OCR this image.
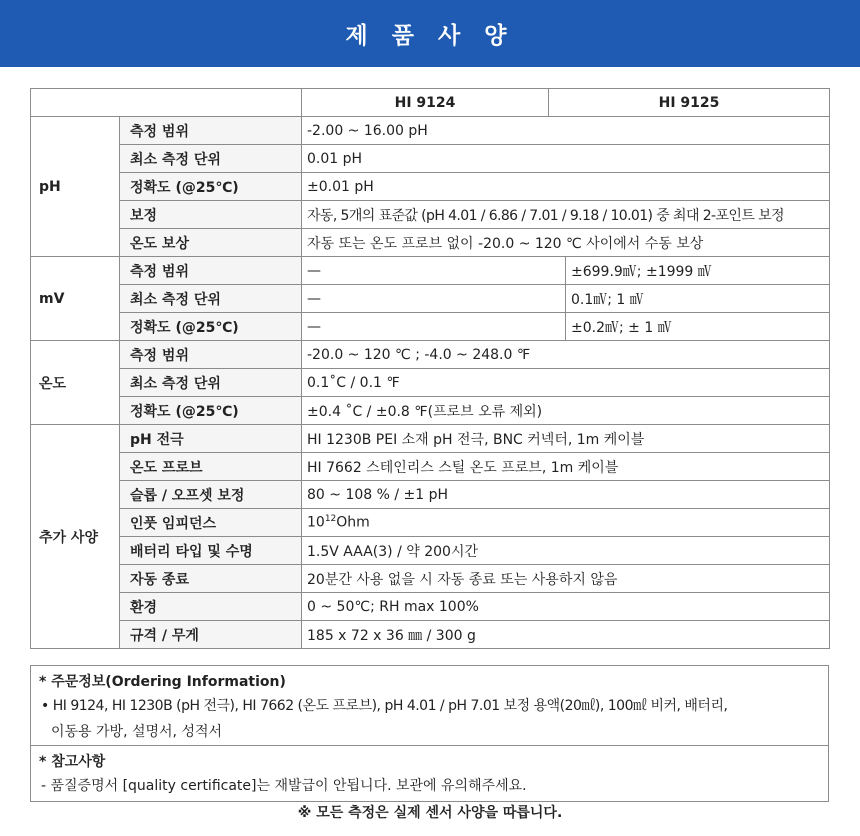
제 품 사 양
		HI 9124	HI 9125	
pH	측정 범위	-2.00 ~ 16.00 pH		
	최소 측정 단위	0.01 pH		
	정확도 (@25℃)	±0.01 pH		
	보정	자동, 5개의 표준값 (pH 4.01 / 6.86 / 7.01 / 9.18 / 10.01) 중 최대 2-포인트 보정		
	온도 보상	자동 또는 온도 프로브 없이 -20.0 ~ 120 ℃ 사이에서 수동 보상		
mV	측정 범위	—		±699.9㎷; ±1999 ㎷
	최소 측정 단위	—		0.1㎷; 1 ㎷
	정확도 (@25℃)	—		±0.2㎷; ± 1 ㎷
온도	측정 범위	-20.0 ~ 120 ℃ ; -4.0 ~ 248.0 ℉		
	최소 측정 단위	0.1˚C / 0.1 ℉		
	정확도 (@25℃)	±0.4 ˚C / ±0.8 ℉(프로브 오류 제외)		
추가 사양	pH 전극	HI 1230B PEI 소재 pH 전극, BNC 커넥터, 1m 케이블		
	온도 프로브	HI 7662 스테인리스 스틸 온도 프로브, 1m 케이블		
	슬롭 / 오프셋 보정	80 ~ 108 % / ±1 pH		
	인풋 임피던스	$10^{12}Ohm$		
	배터리 타입 및 수명	1.5V AAA(3) / 약 200시간		
	자동 종료	20분간 사용 없을 시 자동 종료 또는 사용하지 않음		
	환경	0 ~ 50℃; RH max 100%		
	규격 / 무게	185 x 72 x 36 ㎜ / 300 g		
* 주문정보(Ordering Information)
• HI 9124, HI 1230B (pH 전극), HI 7662 (온도 프로브), pH 4.01 / pH 7.01 보정 용액(20㎖), 100㎖ 비커, 배터리,
이동용 가방, 설명서, 성적서
* 참고사항
- 품질증명서 [quality certificate]는 재발급이 안됩니다. 보관에 유의해주세요.
※ 모든 측정은 실제 센서 사양을 따릅니다.
